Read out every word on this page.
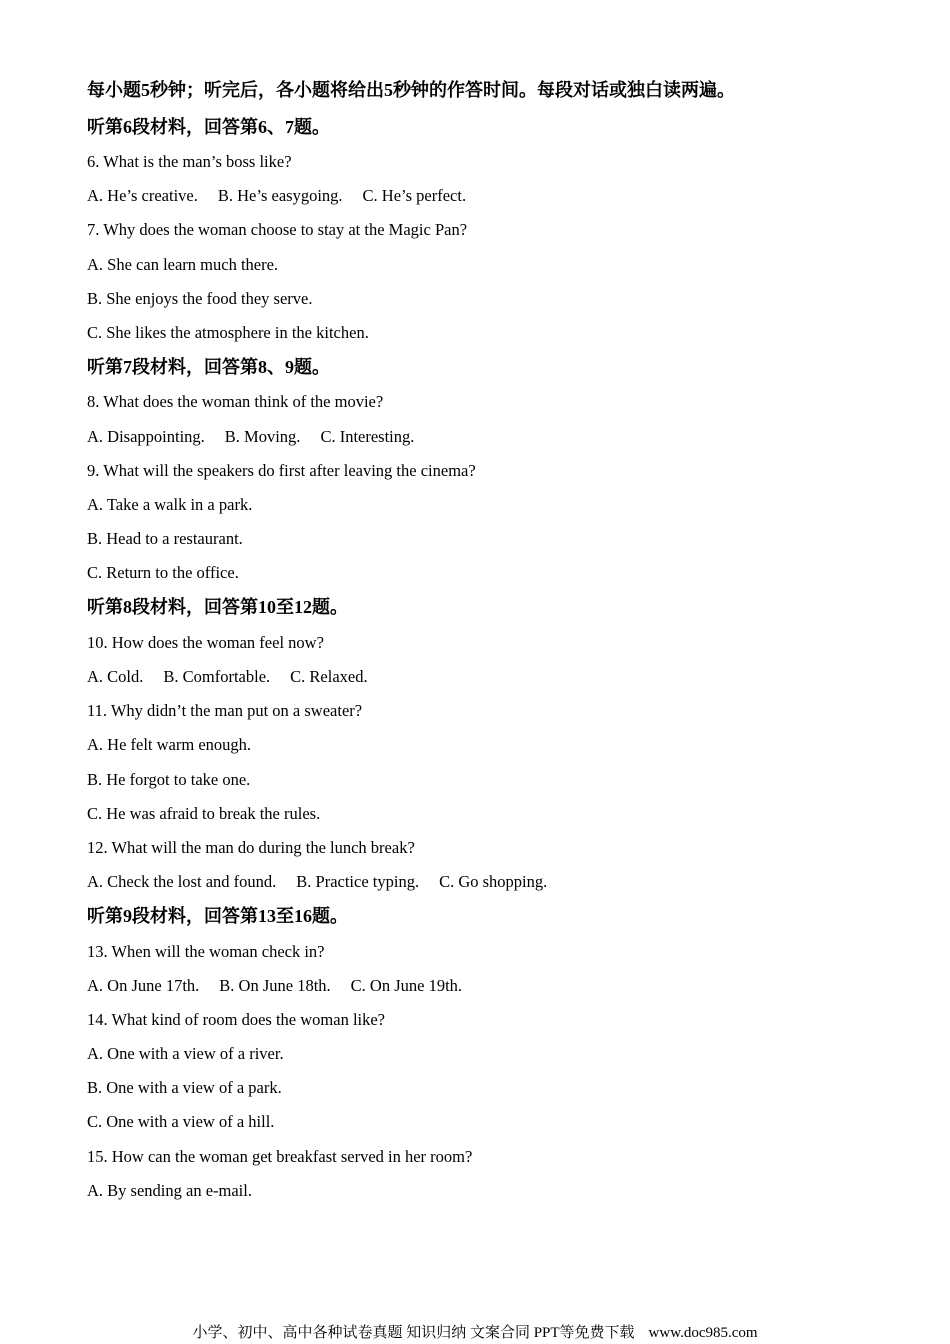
每小题5秒钟；听完后，各小题将给出5秒钟的作答时间。每段对话或独白读两遍。
听第6段材料，回答第6、7题。
6. What is the man’s boss like?
A. He’s creative. B. He’s easygoing. C. He’s perfect.
7. Why does the woman choose to stay at the Magic Pan?
A. She can learn much there.
B. She enjoys the food they serve.
C. She likes the atmosphere in the kitchen.
听第7段材料，回答第8、9题。
8. What does the woman think of the movie?
A. Disappointing. B. Moving. C. Interesting.
9. What will the speakers do first after leaving the cinema?
A. Take a walk in a park.
B. Head to a restaurant.
C. Return to the office.
听第8段材料，回答第10至12题。
10. How does the woman feel now?
A. Cold. B. Comfortable. C. Relaxed.
11. Why didn’t the man put on a sweater?
A. He felt warm enough.
B. He forgot to take one.
C. He was afraid to break the rules.
12. What will the man do during the lunch break?
A. Check the lost and found. B. Practice typing. C. Go shopping.
听第9段材料，回答第13至16题。
13. When will the woman check in?
A. On June 17th. B. On June 18th. C. On June 19th.
14. What kind of room does the woman like?
A. One with a view of a river.
B. One with a view of a park.
C. One with a view of a hill.
15. How can the woman get breakfast served in her room?
A. By sending an e-mail.
小学、初中、高中各种试卷真题 知识归纳 文案合同 PPT等免费下载 www.doc985.com
